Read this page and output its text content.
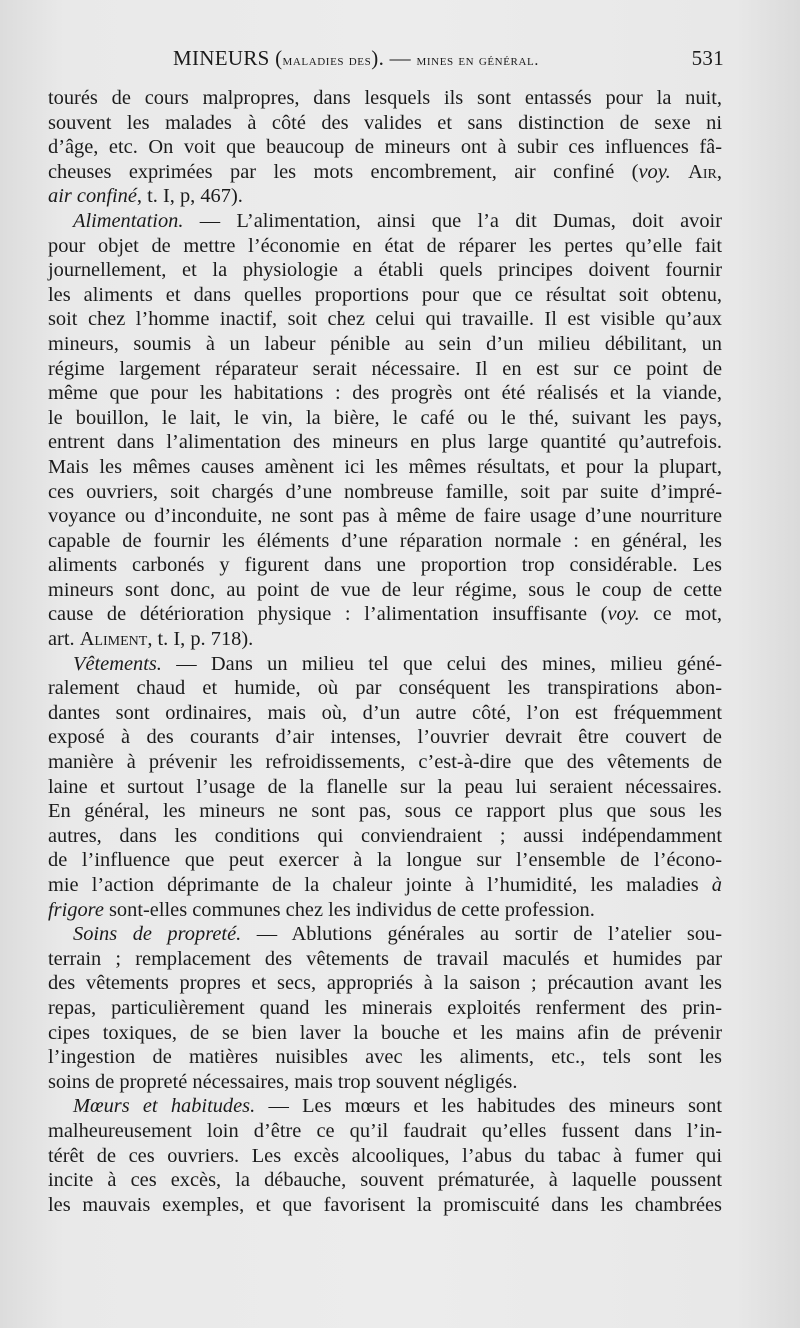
MINEURS (maladies des). — mines en général.	531
tourés de cours malpropres, dans lesquels ils sont entassés pour la nuit,
souvent les malades à côté des valides et sans distinction de sexe ni
d’âge, etc. On voit que beaucoup de mineurs ont à subir ces influences fâ-
cheuses exprimées par les mots encombrement, air confiné (voy. Air,
air confiné, t. I, p, 467).
Alimentation. — L’alimentation, ainsi que l’a dit Dumas, doit avoir
pour objet de mettre l’économie en état de réparer les pertes qu’elle fait
journellement, et la physiologie a établi quels principes doivent fournir
les aliments et dans quelles proportions pour que ce résultat soit obtenu,
soit chez l’homme inactif, soit chez celui qui travaille. Il est visible qu’aux
mineurs, soumis à un labeur pénible au sein d’un milieu débilitant, un
régime largement réparateur serait nécessaire. Il en est sur ce point de
même que pour les habitations : des progrès ont été réalisés et la viande,
le bouillon, le lait, le vin, la bière, le café ou le thé, suivant les pays,
entrent dans l’alimentation des mineurs en plus large quantité qu’autrefois.
Mais les mêmes causes amènent ici les mêmes résultats, et pour la plupart,
ces ouvriers, soit chargés d’une nombreuse famille, soit par suite d’impré-
voyance ou d’inconduite, ne sont pas à même de faire usage d’une nourriture
capable de fournir les éléments d’une réparation normale : en général, les
aliments carbonés y figurent dans une proportion trop considérable. Les
mineurs sont donc, au point de vue de leur régime, sous le coup de cette
cause de détérioration physique : l’alimentation insuffisante (voy. ce mot,
art. Aliment, t. I, p. 718).
Vêtements. — Dans un milieu tel que celui des mines, milieu géné-
ralement chaud et humide, où par conséquent les transpirations abon-
dantes sont ordinaires, mais où, d’un autre côté, l’on est fréquemment
exposé à des courants d’air intenses, l’ouvrier devrait être couvert de
manière à prévenir les refroidissements, c’est-à-dire que des vêtements de
laine et surtout l’usage de la flanelle sur la peau lui seraient nécessaires.
En général, les mineurs ne sont pas, sous ce rapport plus que sous les
autres, dans les conditions qui conviendraient ; aussi indépendamment
de l’influence que peut exercer à la longue sur l’ensemble de l’écono-
mie l’action déprimante de la chaleur jointe à l’humidité, les maladies à
frigore sont-elles communes chez les individus de cette profession.
Soins de propreté. — Ablutions générales au sortir de l’atelier sou-
terrain ; remplacement des vêtements de travail maculés et humides par
des vêtements propres et secs, appropriés à la saison ; précaution avant les
repas, particulièrement quand les minerais exploités renferment des prin-
cipes toxiques, de se bien laver la bouche et les mains afin de prévenir
l’ingestion de matières nuisibles avec les aliments, etc., tels sont les
soins de propreté nécessaires, mais trop souvent négligés.
Mœurs et habitudes. — Les mœurs et les habitudes des mineurs sont
malheureusement loin d’être ce qu’il faudrait qu’elles fussent dans l’in-
térêt de ces ouvriers. Les excès alcooliques, l’abus du tabac à fumer qui
incite à ces excès, la débauche, souvent prématurée, à laquelle poussent
les mauvais exemples, et que favorisent la promiscuité dans les chambrées
